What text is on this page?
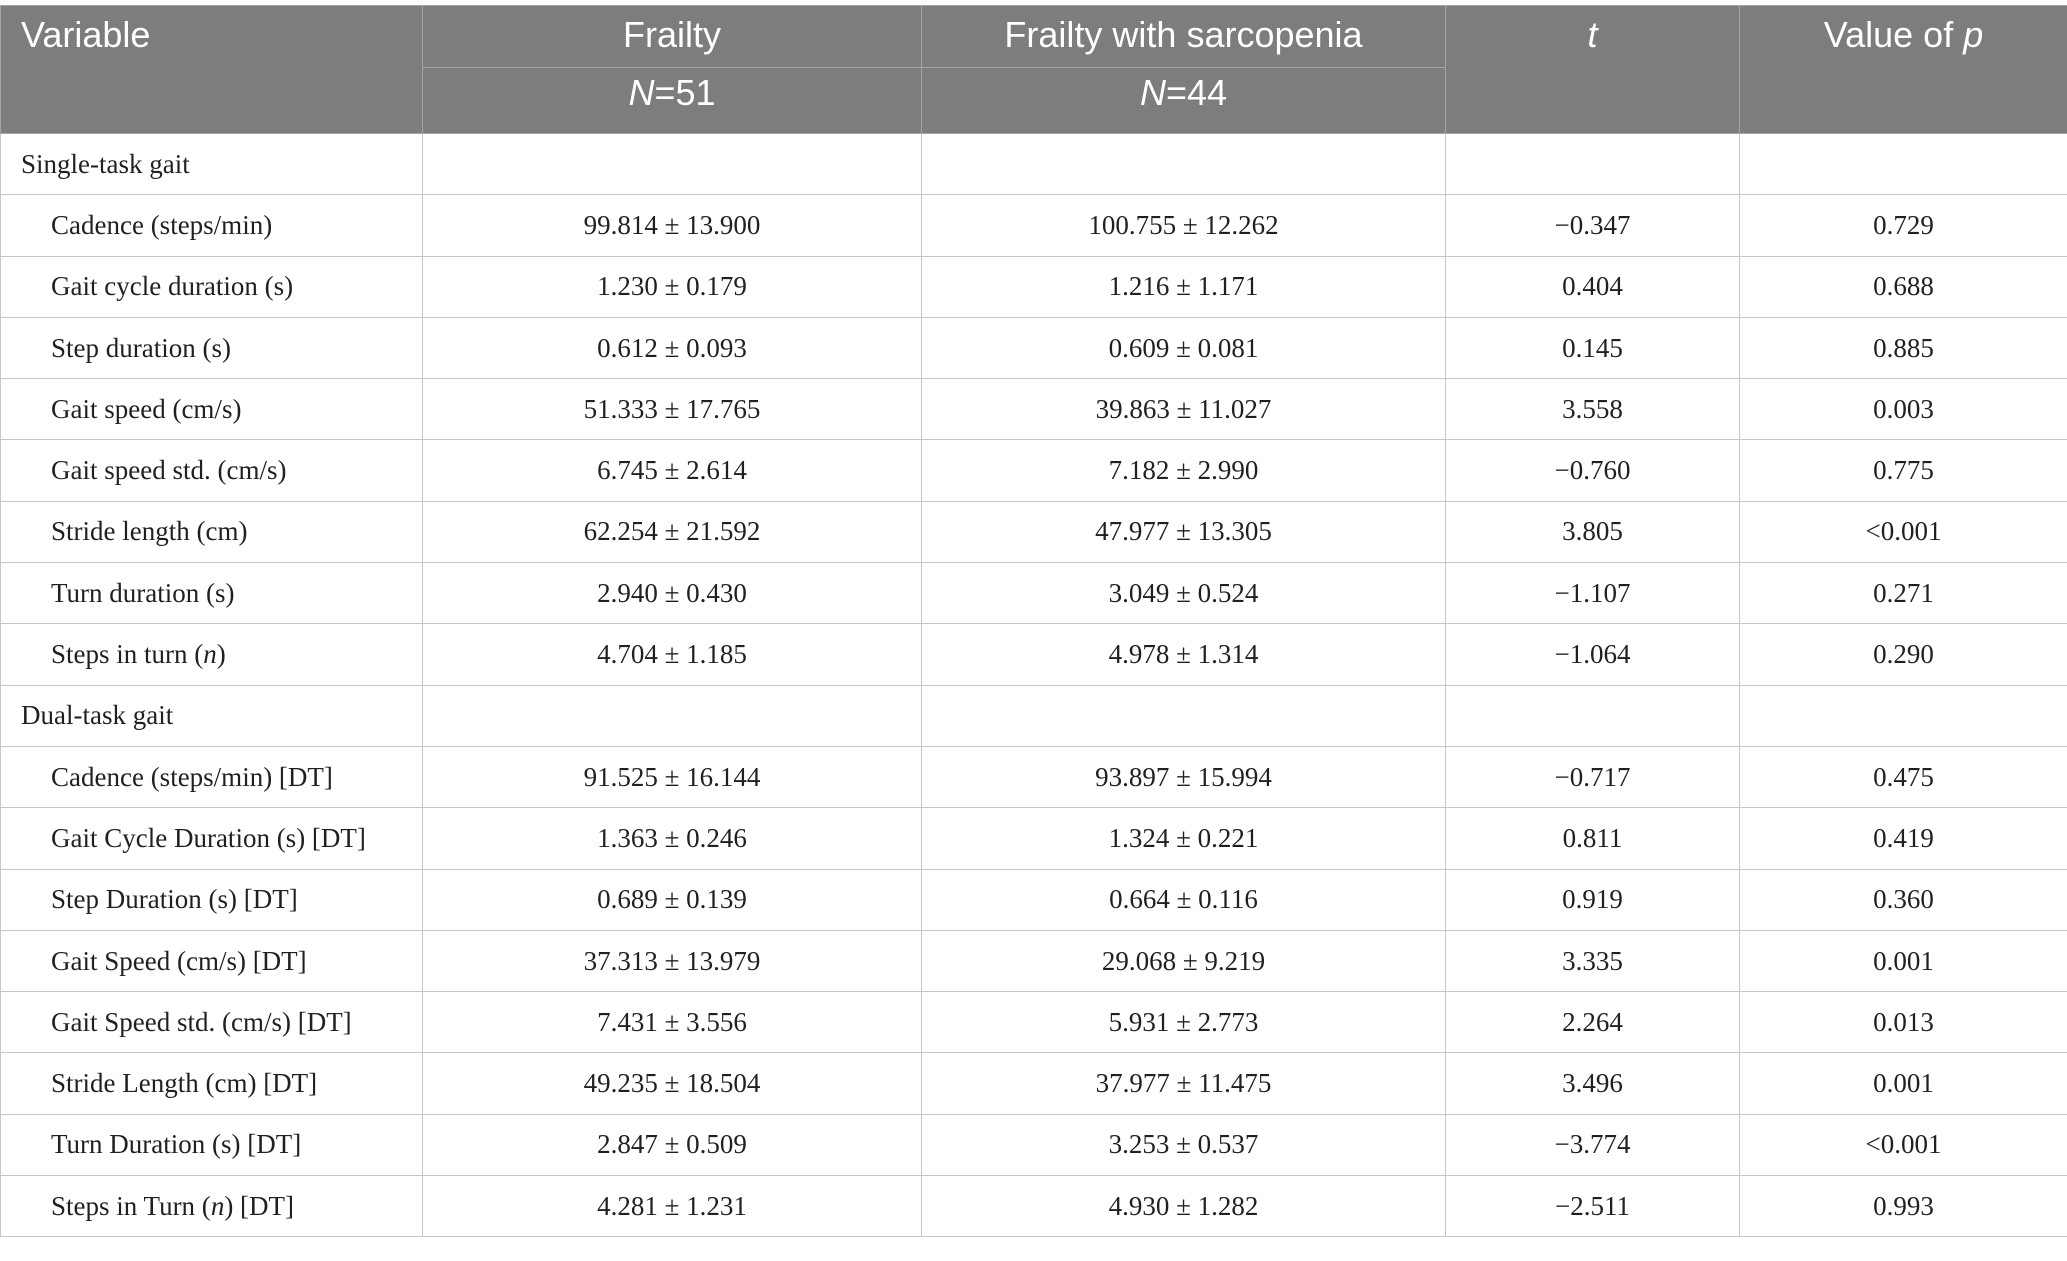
Variable	Frailty	Frailty with sarcopenia	t	Value of p
	N=51	N=44		
Single-task gait				
Cadence (steps/min)	99.814 ± 13.900	100.755 ± 12.262	−0.347	0.729
Gait cycle duration (s)	1.230 ± 0.179	1.216 ± 1.171	0.404	0.688
Step duration (s)	0.612 ± 0.093	0.609 ± 0.081	0.145	0.885
Gait speed (cm/s)	51.333 ± 17.765	39.863 ± 11.027	3.558	0.003
Gait speed std. (cm/s)	6.745 ± 2.614	7.182 ± 2.990	−0.760	0.775
Stride length (cm)	62.254 ± 21.592	47.977 ± 13.305	3.805	<0.001
Turn duration (s)	2.940 ± 0.430	3.049 ± 0.524	−1.107	0.271
Steps in turn (n)	4.704 ± 1.185	4.978 ± 1.314	−1.064	0.290
Dual-task gait				
Cadence (steps/min) [DT]	91.525 ± 16.144	93.897 ± 15.994	−0.717	0.475
Gait Cycle Duration (s) [DT]	1.363 ± 0.246	1.324 ± 0.221	0.811	0.419
Step Duration (s) [DT]	0.689 ± 0.139	0.664 ± 0.116	0.919	0.360
Gait Speed (cm/s) [DT]	37.313 ± 13.979	29.068 ± 9.219	3.335	0.001
Gait Speed std. (cm/s) [DT]	7.431 ± 3.556	5.931 ± 2.773	2.264	0.013
Stride Length (cm) [DT]	49.235 ± 18.504	37.977 ± 11.475	3.496	0.001
Turn Duration (s) [DT]	2.847 ± 0.509	3.253 ± 0.537	−3.774	<0.001
Steps in Turn (n) [DT]	4.281 ± 1.231	4.930 ± 1.282	−2.511	0.993
